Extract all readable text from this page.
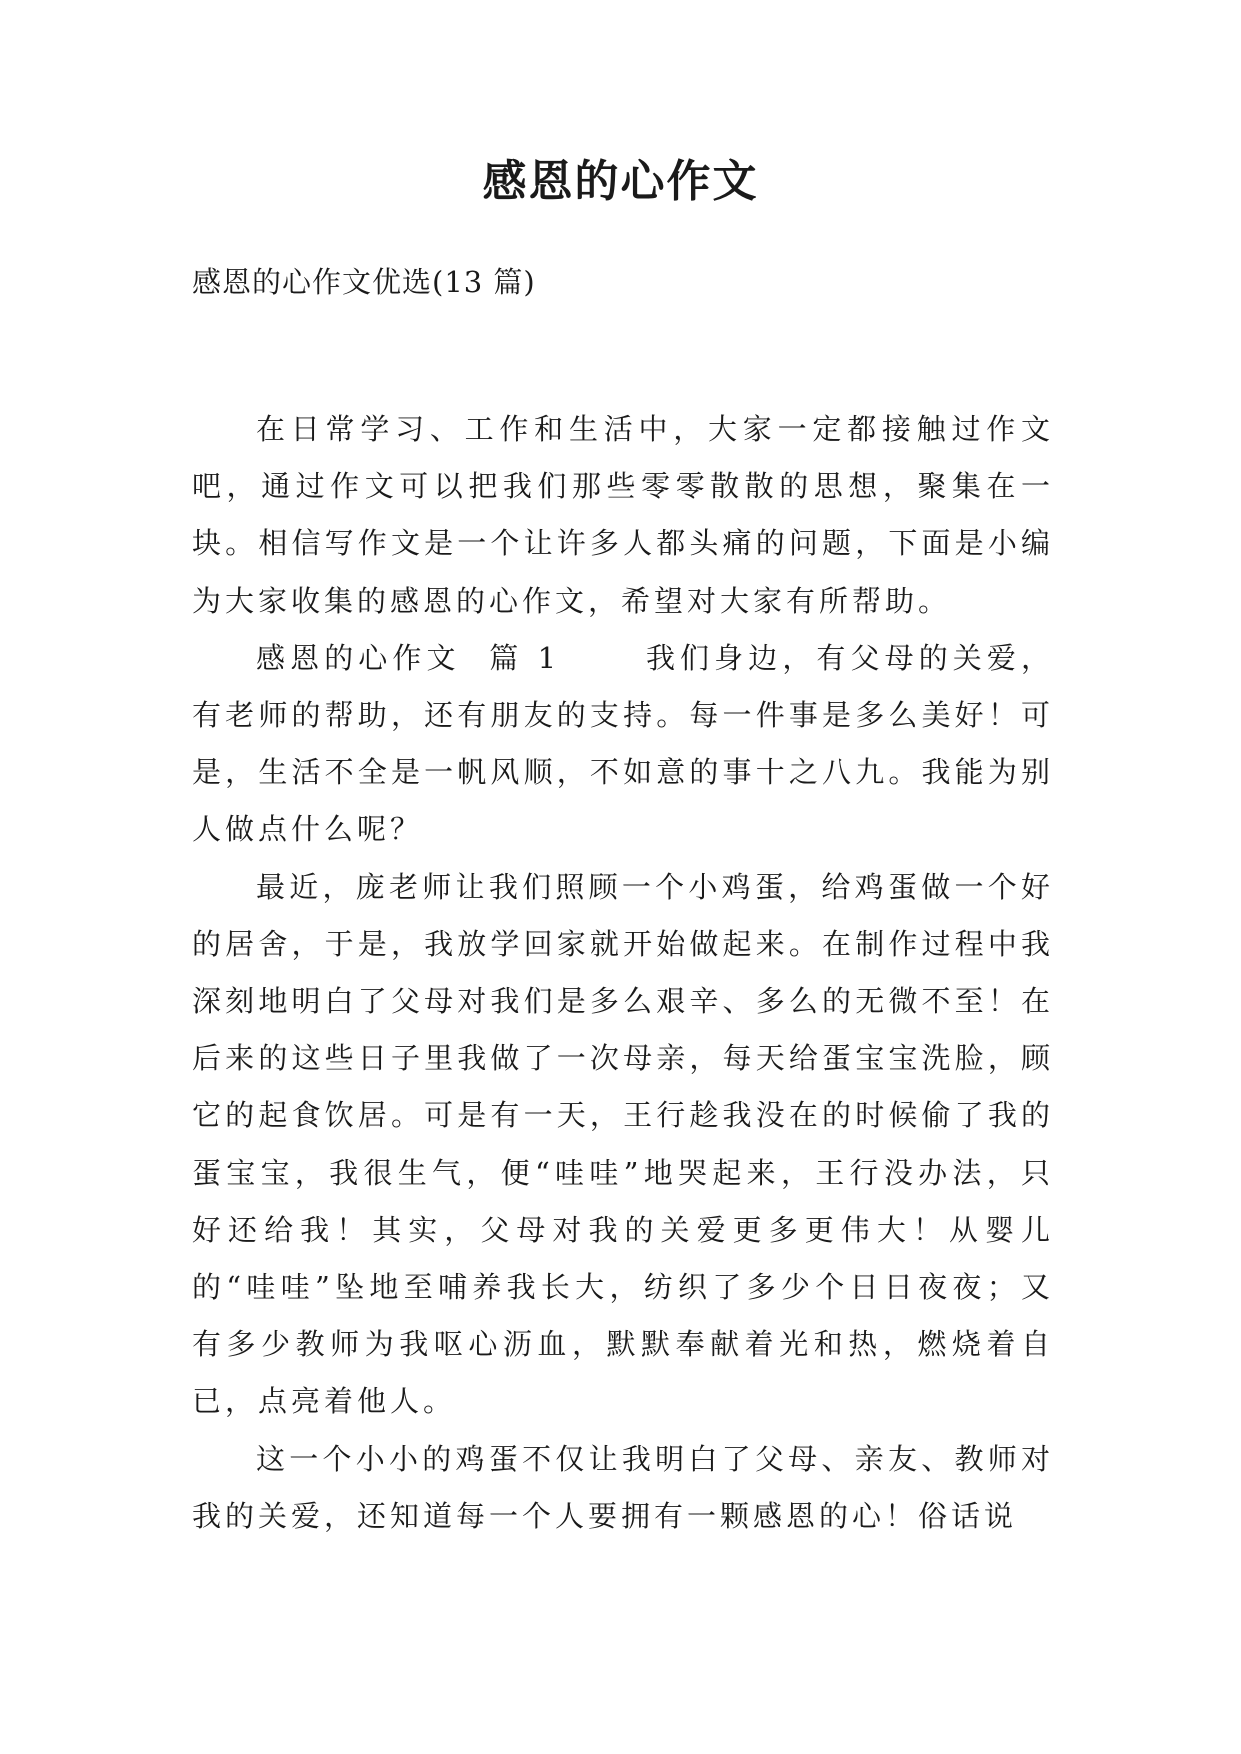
感恩的心作文

感恩的心作文优选(13 篇)

在日常学习、工作和生活中，大家一定都接触过作文吧，通过作文可以把我们那些零零散散的思想，聚集在一块。相信写作文是一个让许多人都头痛的问题，下面是小编为大家收集的感恩的心作文，希望对大家有所帮助。

感恩的心作文  篇 1      我们身边，有父母的关爱，有老师的帮助，还有朋友的支持。每一件事是多么美好！可是，生活不全是一帆风顺，不如意的事十之八九。我能为别人做点什么呢？

最近，庞老师让我们照顾一个小鸡蛋，给鸡蛋做一个好的居舍，于是，我放学回家就开始做起来。在制作过程中我深刻地明白了父母对我们是多么艰辛、多么的无微不至！在后来的这些日子里我做了一次母亲，每天给蛋宝宝洗脸，顾它的起食饮居。可是有一天，王行趁我没在的时候偷了我的蛋宝宝，我很生气，便“哇哇”地哭起来，王行没办法，只好还给我！其实，父母对我的关爱更多更伟大！从婴儿的“哇哇”坠地至哺养我长大，纺织了多少个日日夜夜；又有多少教师为我呕心沥血，默默奉献着光和热，燃烧着自已，点亮着他人。

这一个小小的鸡蛋不仅让我明白了父母、亲友、教师对我的关爱，还知道每一个人要拥有一颗感恩的心！俗话说
